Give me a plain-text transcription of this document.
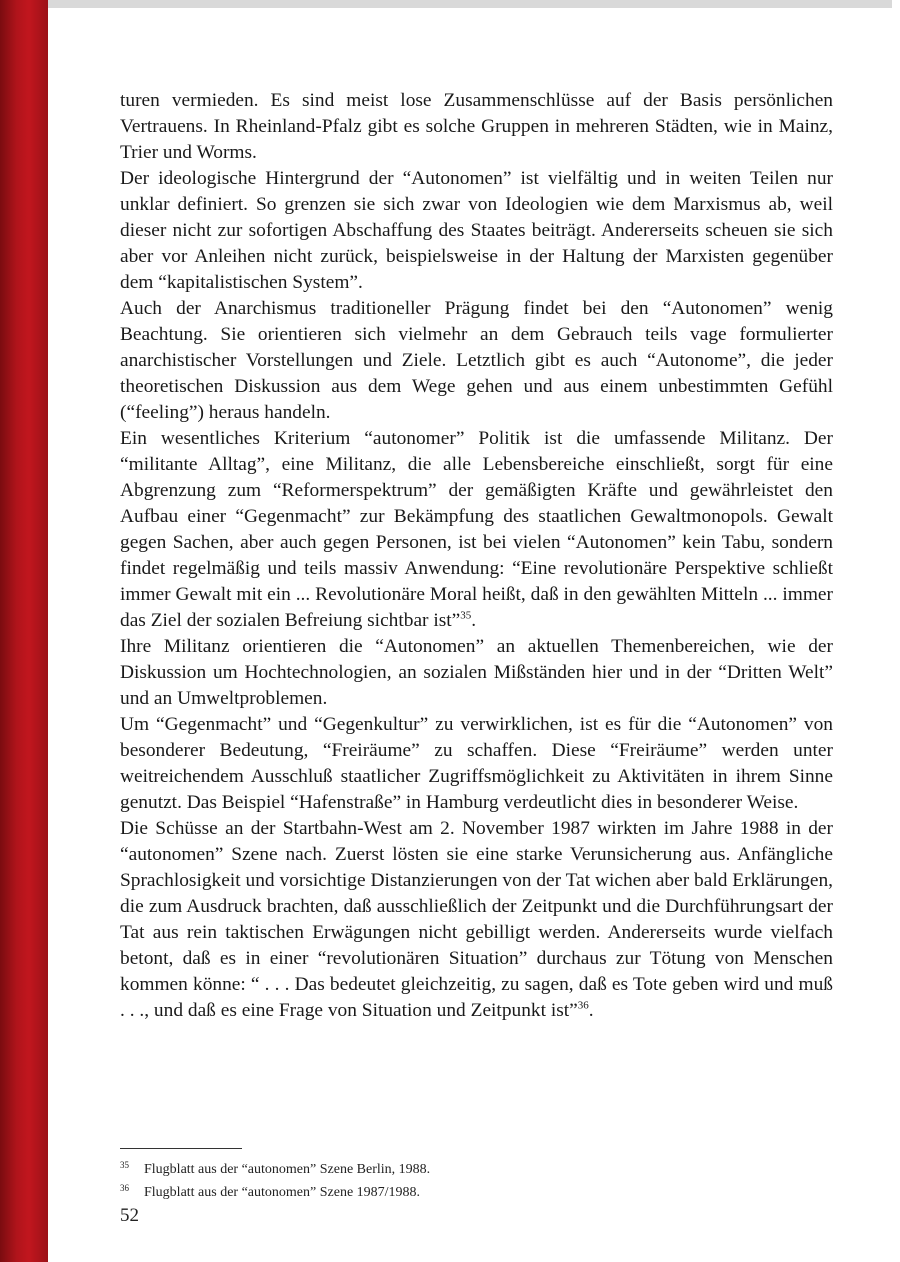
turen vermieden. Es sind meist lose Zusammenschlüsse auf der Basis persönlichen Vertrauens. In Rheinland-Pfalz gibt es solche Gruppen in mehreren Städten, wie in Mainz, Trier und Worms.

Der ideologische Hintergrund der “Autonomen” ist vielfältig und in weiten Teilen nur unklar definiert. So grenzen sie sich zwar von Ideologien wie dem Marxismus ab, weil dieser nicht zur sofortigen Abschaffung des Staates beiträgt. Andererseits scheuen sie sich aber vor Anleihen nicht zurück, beispielsweise in der Haltung der Marxisten gegenüber dem “kapitalistischen System”.

Auch der Anarchismus traditioneller Prägung findet bei den “Autonomen” wenig Beachtung. Sie orientieren sich vielmehr an dem Gebrauch teils vage formulierter anarchistischer Vorstellungen und Ziele. Letztlich gibt es auch “Autonome”, die jeder theoretischen Diskussion aus dem Wege gehen und aus einem unbestimmten Gefühl (“feeling”) heraus handeln.

Ein wesentliches Kriterium “autonomer” Politik ist die umfassende Militanz. Der “militante Alltag”, eine Militanz, die alle Lebensbereiche einschließt, sorgt für eine Abgrenzung zum “Reformerspektrum” der gemäßigten Kräfte und gewährleistet den Aufbau einer “Gegenmacht” zur Bekämpfung des staatlichen Gewaltmonopols. Gewalt gegen Sachen, aber auch gegen Personen, ist bei vielen “Autonomen” kein Tabu, sondern findet regelmäßig und teils massiv Anwendung: “Eine revolutionäre Perspektive schließt immer Gewalt mit ein ... Revolutionäre Moral heißt, daß in den gewählten Mitteln ... immer das Ziel der sozialen Befreiung sichtbar ist”$^{35}$.

Ihre Militanz orientieren die “Autonomen” an aktuellen Themenbereichen, wie der Diskussion um Hochtechnologien, an sozialen Mißständen hier und in der “Dritten Welt” und an Umweltproblemen.

Um “Gegenmacht” und “Gegenkultur” zu verwirklichen, ist es für die “Autonomen” von besonderer Bedeutung, “Freiräume” zu schaffen. Diese “Freiräume” werden unter weitreichendem Ausschluß staatlicher Zugriffsmöglichkeit zu Aktivitäten in ihrem Sinne genutzt. Das Beispiel “Hafenstraße” in Hamburg verdeutlicht dies in besonderer Weise.

Die Schüsse an der Startbahn-West am 2. November 1987 wirkten im Jahre 1988 in der “autonomen” Szene nach. Zuerst lösten sie eine starke Verunsicherung aus. Anfängliche Sprachlosigkeit und vorsichtige Distanzierungen von der Tat wichen aber bald Erklärungen, die zum Ausdruck brachten, daß ausschließlich der Zeitpunkt und die Durchführungsart der Tat aus rein taktischen Erwägungen nicht gebilligt werden. Andererseits wurde vielfach betont, daß es in einer “revolutionären Situation” durchaus zur Tötung von Menschen kommen könne: “ . . . Das bedeutet gleichzeitig, zu sagen, daß es Tote geben wird und muß . . ., und daß es eine Frage von Situation und Zeitpunkt ist”$^{36}$.

35 Flugblatt aus der “autonomen” Szene Berlin, 1988.

36 Flugblatt aus der “autonomen” Szene 1987/1988.

52
